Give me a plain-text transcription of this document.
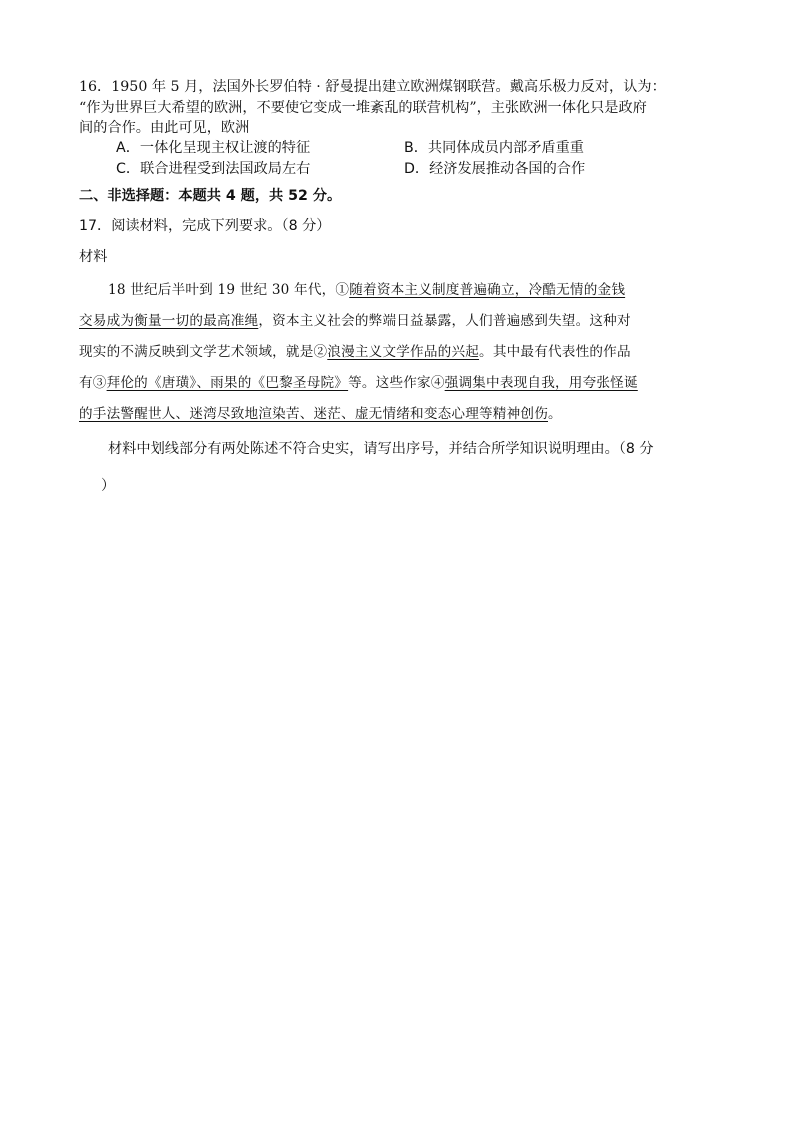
16．1950 年 5 月，法国外长罗伯特 · 舒曼提出建立欧洲煤钢联营。戴高乐极力反对，认为：
“作为世界巨大希望的欧洲，不要使它变成一堆紊乱的联营机构”，主张欧洲一体化只是政府
间的合作。由此可见，欧洲
A．一体化呈现主权让渡的特征	B．共同体成员内部矛盾重重
C．联合进程受到法国政局左右	D．经济发展推动各国的合作
二、非选择题：本题共 4 题，共 52 分。
17．阅读材料，完成下列要求。（8 分）
材料
18 世纪后半叶到 19 世纪 30 年代，①随着资本主义制度普遍确立，冷酷无情的金钱
交易成为衡量一切的最高准绳，资本主义社会的弊端日益暴露，人们普遍感到失望。这种对
现实的不满反映到文学艺术领域，就是②浪漫主义文学作品的兴起。其中最有代表性的作品
有③拜伦的《唐璜》、雨果的《巴黎圣母院》等。这些作家④强调集中表现自我，用夸张怪诞
的手法警醒世人、迷湾尽致地渲染苦、迷茫、虚无情绪和变态心理等精神创伤。
材料中划线部分有两处陈述不符合史实，请写出序号，并结合所学知识说明理由。（8 分
）
